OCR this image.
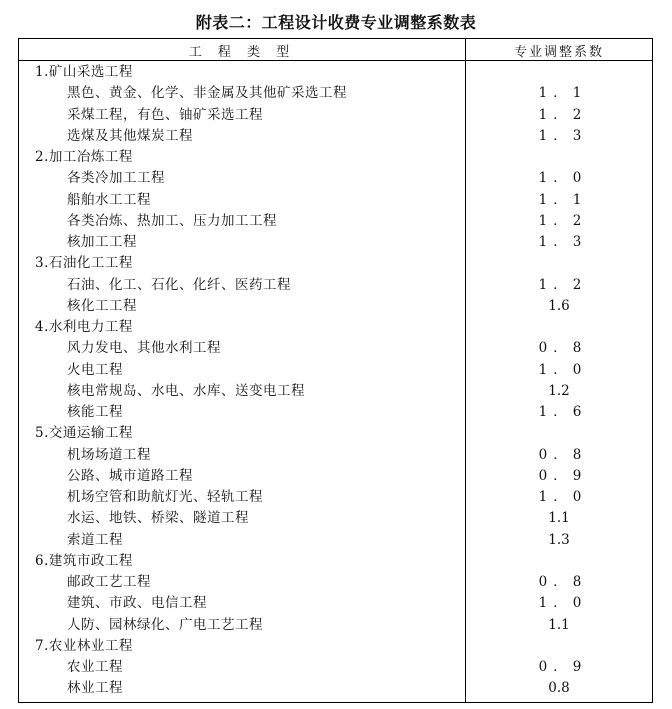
附表二：工程设计收费专业调整系数表
工 程 类 型	专业调整系数
1.矿山采选工程
黑色、黄金、化学、非金属及其他矿采选工程	1．1
采煤工程，有色、铀矿采选工程	1．2
选煤及其他煤炭工程	1．3
2.加工冶炼工程
各类冷加工工程	1．0
船舶水工工程	1．1
各类冶炼、热加工、压力加工工程	1．2
核加工工程	1．3
3.石油化工工程
石油、化工、石化、化纤、医药工程	1．2
核化工工程	1.6
4.水利电力工程
风力发电、其他水利工程	0．8
火电工程	1．0
核电常规岛、水电、水库、送变电工程	1.2
核能工程	1．6
5.交通运输工程
机场场道工程	0．8
公路、城市道路工程	0．9
机场空管和助航灯光、轻轨工程	1．0
水运、地铁、桥梁、隧道工程	1.1
索道工程	1.3
6.建筑市政工程
邮政工艺工程	0．8
建筑、市政、电信工程	1．0
人防、园林绿化、广电工艺工程	1.1
7.农业林业工程
农业工程	0．9
林业工程	0.8
